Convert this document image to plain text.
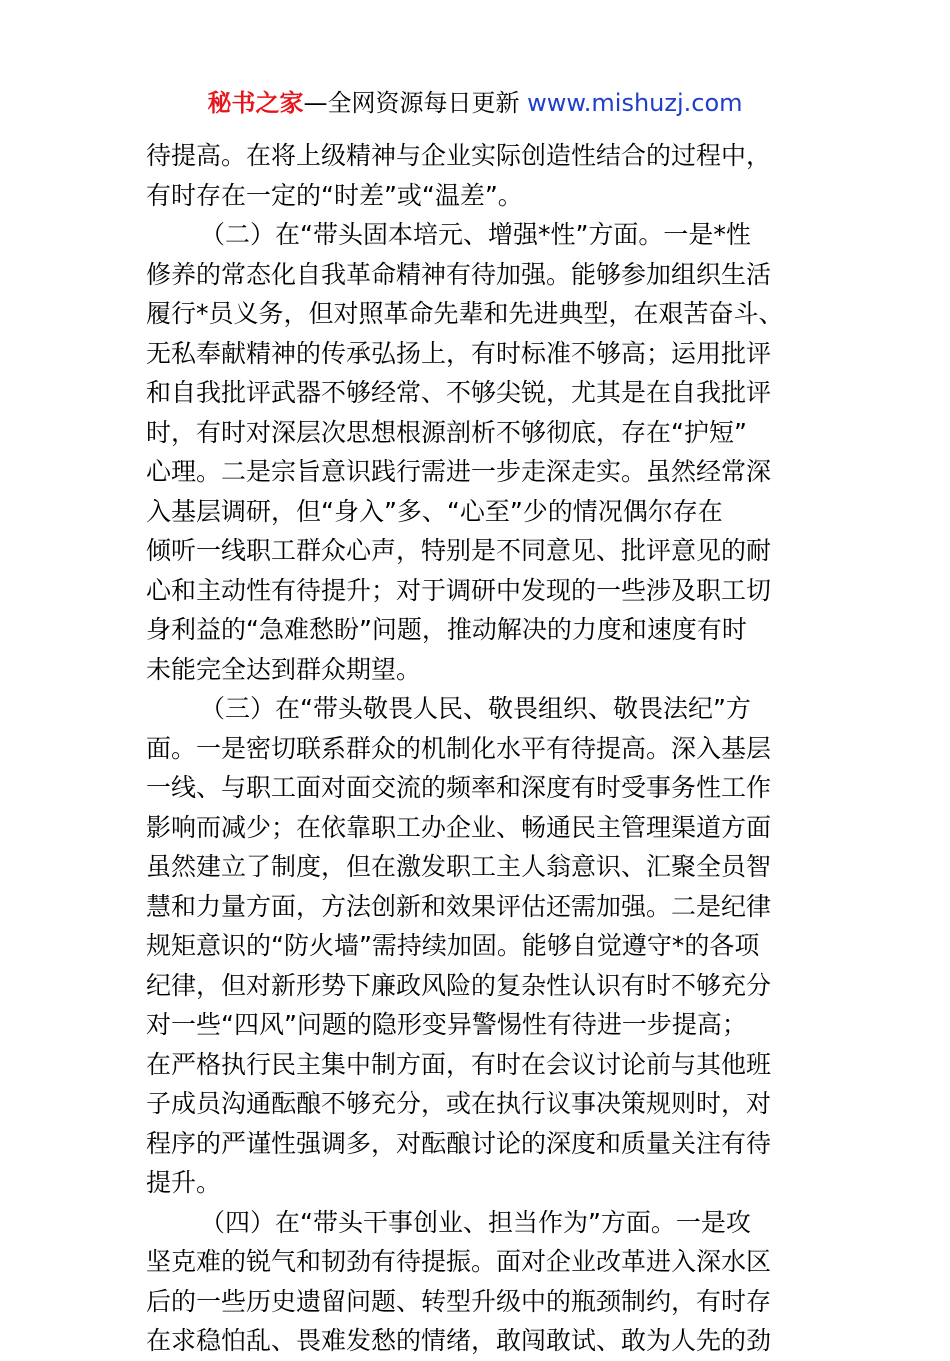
秘书之家—全网资源每日更新 www.mishuzj.com
待提高。在将上级精神与企业实际创造性结合的过程中，
有时存在一定的“时差”或“温差”。
（二）在“带头固本培元、增强*性”方面。一是*性
修养的常态化自我革命精神有待加强。能够参加组织生活
履行*员义务，但对照革命先辈和先进典型，在艰苦奋斗、
无私奉献精神的传承弘扬上，有时标准不够高；运用批评
和自我批评武器不够经常、不够尖锐，尤其是在自我批评
时，有时对深层次思想根源剖析不够彻底，存在“护短”
心理。二是宗旨意识践行需进一步走深走实。虽然经常深
入基层调研，但“身入”多、“心至”少的情况偶尔存在
倾听一线职工群众心声，特别是不同意见、批评意见的耐
心和主动性有待提升；对于调研中发现的一些涉及职工切
身利益的“急难愁盼”问题，推动解决的力度和速度有时
未能完全达到群众期望。
（三）在“带头敬畏人民、敬畏组织、敬畏法纪”方
面。一是密切联系群众的机制化水平有待提高。深入基层
一线、与职工面对面交流的频率和深度有时受事务性工作
影响而减少；在依靠职工办企业、畅通民主管理渠道方面
虽然建立了制度，但在激发职工主人翁意识、汇聚全员智
慧和力量方面，方法创新和效果评估还需加强。二是纪律
规矩意识的“防火墙”需持续加固。能够自觉遵守*的各项
纪律，但对新形势下廉政风险的复杂性认识有时不够充分
对一些“四风”问题的隐形变异警惕性有待进一步提高；
在严格执行民主集中制方面，有时在会议讨论前与其他班
子成员沟通酝酿不够充分，或在执行议事决策规则时，对
程序的严谨性强调多，对酝酿讨论的深度和质量关注有待
提升。
（四）在“带头干事创业、担当作为”方面。一是攻
坚克难的锐气和韧劲有待提振。面对企业改革进入深水区
后的一些历史遗留问题、转型升级中的瓶颈制约，有时存
在求稳怕乱、畏难发愁的情绪，敢闯敢试、敢为人先的劲
